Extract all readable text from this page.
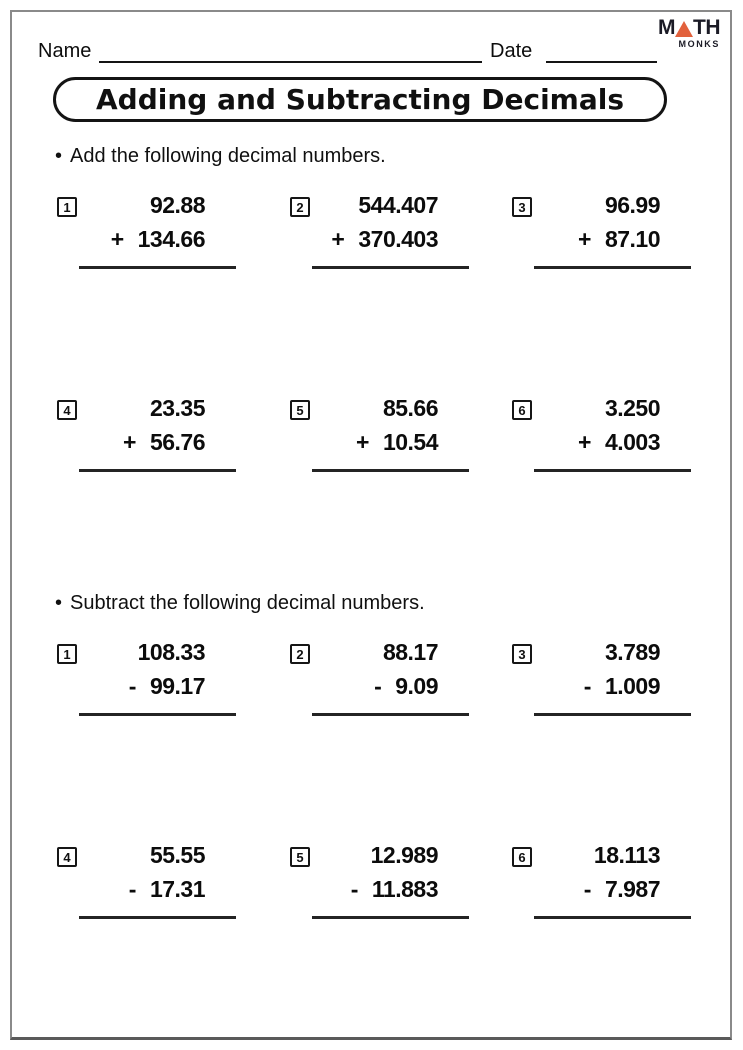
Name	Date
M TH
MONKS
Adding and Subtracting Decimals
• Add the following decimal numbers.
1	92.88
+ 134.66
2	544.407
+ 370.403
3	96.99
+ 87.10
4	23.35
+ 56.76
5	85.66
+ 10.54
6	3.250
+ 4.003
• Subtract the following decimal numbers.
1	108.33
- 99.17
2	88.17
- 9.09
3	3.789
- 1.009
4	55.55
- 17.31
5	12.989
- 11.883
6	18.113
- 7.987
